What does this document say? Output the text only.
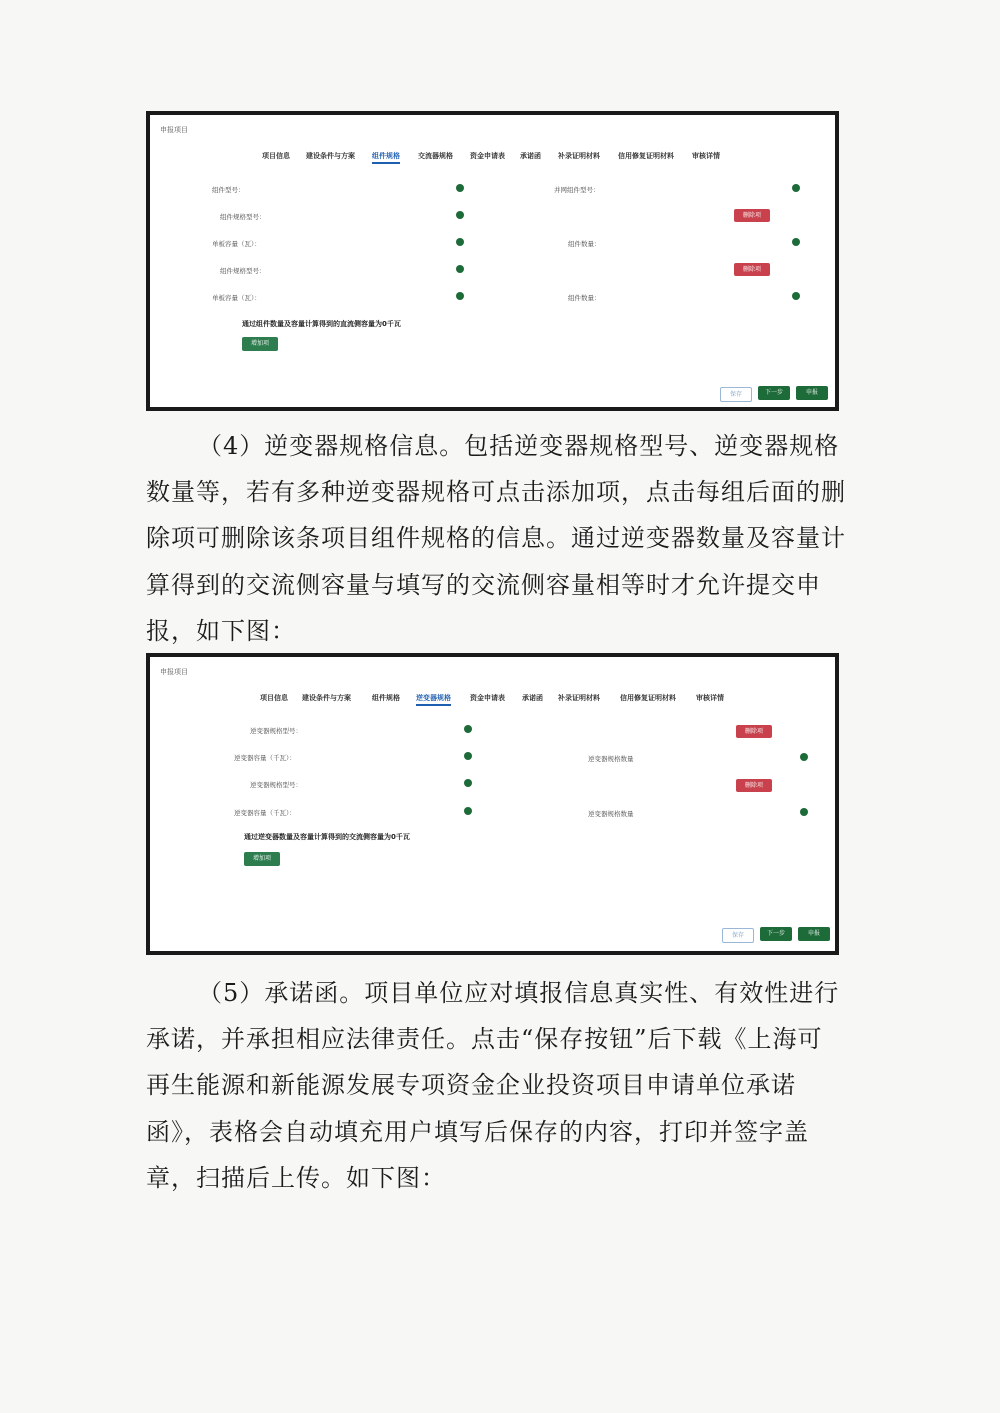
申报项目
项目信息 建设条件与方案 组件规格	交流器规格 资金申请表 承诺函 补录证明材料	信用修复证明材料	审核详情
组件型号：	并网组件型号：
组件规格型号：	删除项
单板容量（瓦）：	组件数量：
组件规格型号：	删除项
单板容量（瓦）：	组件数量：
通过组件数量及容量计算得到的直流侧容量为0千瓦
增加项
保存	下一步	申报

（4）逆变器规格信息。包括逆变器规格型号、逆变器规格数量等，若有多种逆变器规格可点击添加项，点击每组后面的删除项可删除该条项目组件规格的信息。通过逆变器数量及容量计算得到的交流侧容量与填写的交流侧容量相等时才允许提交申报，如下图：

申报项目
项目信息 建设条件与方案	组件规格 逆变器规格	资金申请表 承诺函 补录证明材料	信用修复证明材料	审核详情
逆变器规格型号：	删除项
逆变器容量（千瓦）：	逆变器规格数量
逆变器规格型号：	删除项
逆变器容量（千瓦）：	逆变器规格数量
通过逆变器数量及容量计算得到的交流侧容量为0千瓦
增加项
保存	下一步	申报

（5）承诺函。项目单位应对填报信息真实性、有效性进行承诺，并承担相应法律责任。点击“保存按钮”后下载《上海可再生能源和新能源发展专项资金企业投资项目申请单位承诺函》，表格会自动填充用户填写后保存的内容，打印并签字盖章，扫描后上传。如下图：
